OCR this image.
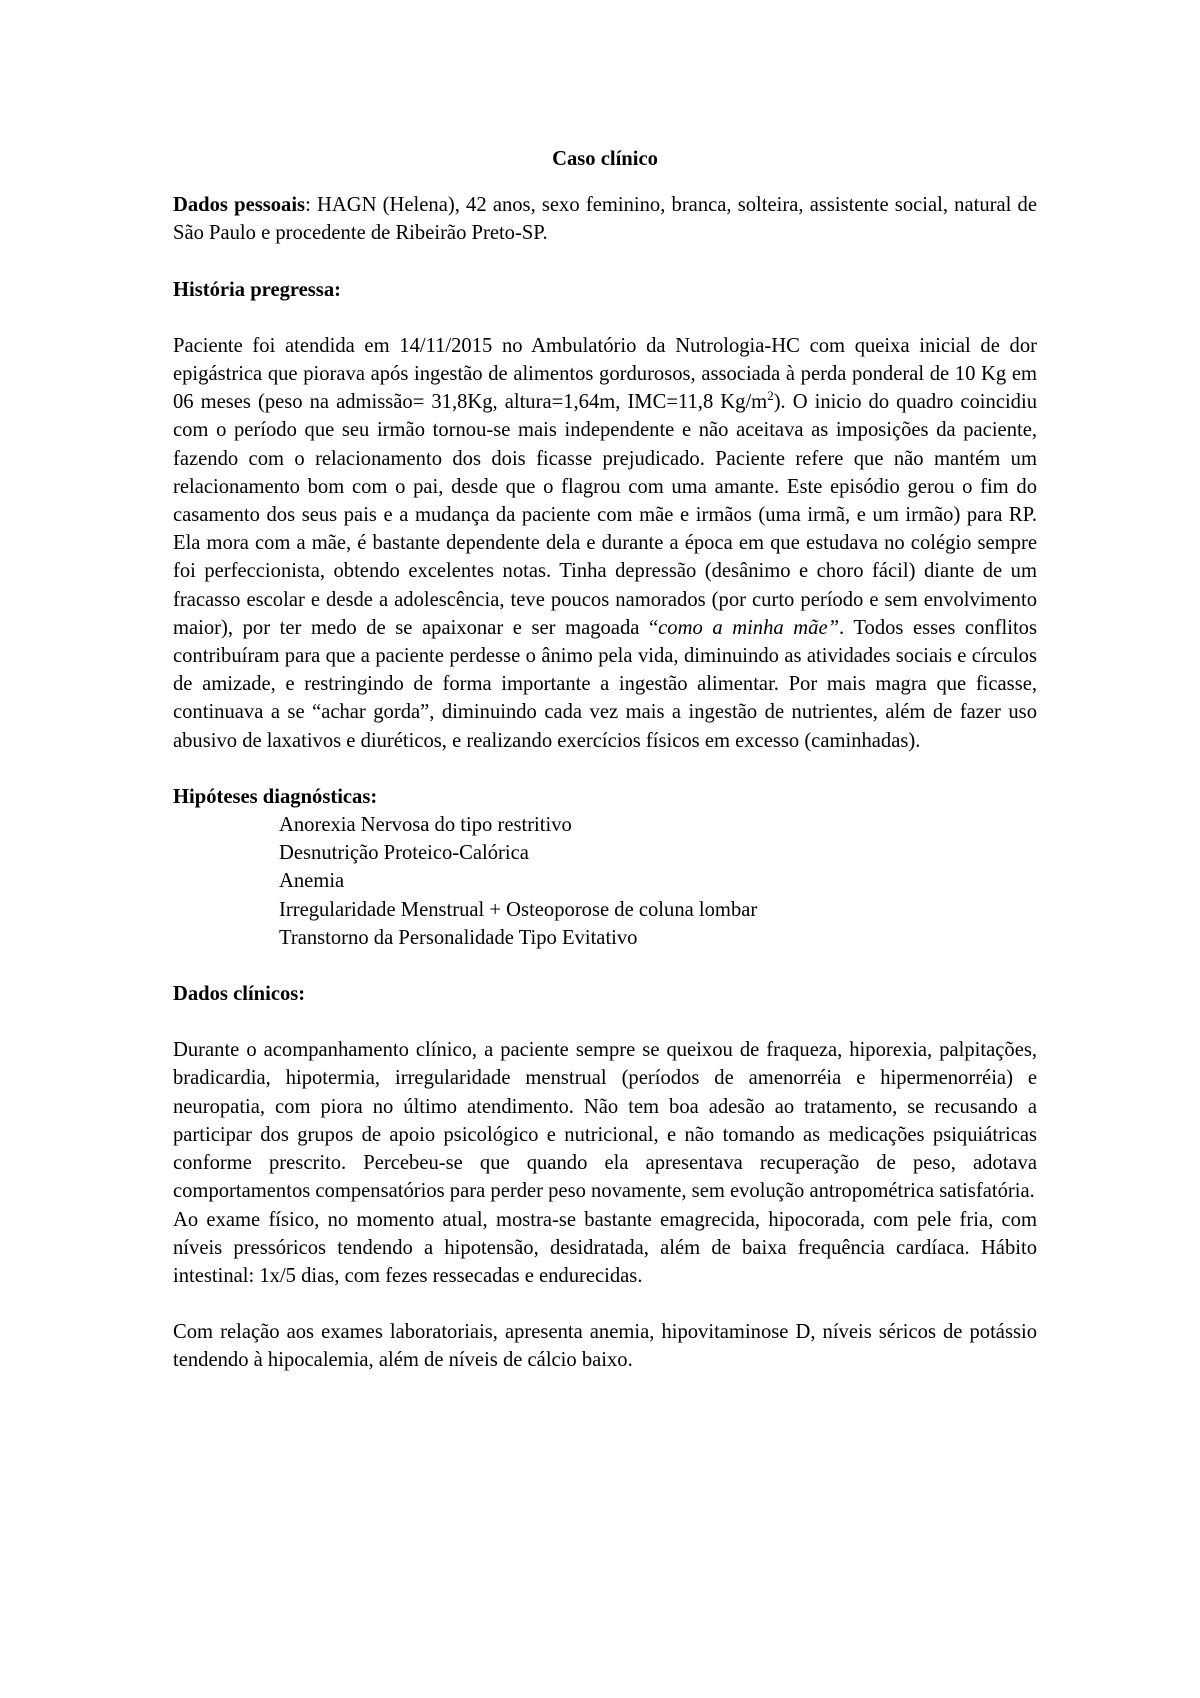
Caso clínico

Dados pessoais: HAGN (Helena), 42 anos, sexo feminino, branca, solteira, assistente social, natural de São Paulo e procedente de Ribeirão Preto-SP.

História pregressa:

Paciente foi atendida em 14/11/2015 no Ambulatório da Nutrologia-HC com queixa inicial de dor epigástrica que piorava após ingestão de alimentos gordurosos, associada à perda ponderal de 10 Kg em 06 meses (peso na admissão= 31,8Kg, altura=1,64m, IMC=11,8 $Kg/m^2$). O inicio do quadro coincidiu com o período que seu irmão tornou-se mais independente e não aceitava as imposições da paciente, fazendo com o relacionamento dos dois ficasse prejudicado. Paciente refere que não mantém um relacionamento bom com o pai, desde que o flagrou com uma amante. Este episódio gerou o fim do casamento dos seus pais e a mudança da paciente com mãe e irmãos (uma irmã, e um irmão) para RP. Ela mora com a mãe, é bastante dependente dela e durante a época em que estudava no colégio sempre foi perfeccionista, obtendo excelentes notas. Tinha depressão (desânimo e choro fácil) diante de um fracasso escolar e desde a adolescência, teve poucos namorados (por curto período e sem envolvimento maior), por ter medo de se apaixonar e ser magoada “como a minha mãe”. Todos esses conflitos contribuíram para que a paciente perdesse o ânimo pela vida, diminuindo as atividades sociais e círculos de amizade, e restringindo de forma importante a ingestão alimentar. Por mais magra que ficasse, continuava a se “achar gorda”, diminuindo cada vez mais a ingestão de nutrientes, além de fazer uso abusivo de laxativos e diuréticos, e realizando exercícios físicos em excesso (caminhadas).

Hipóteses diagnósticas:
Anorexia Nervosa do tipo restritivo
Desnutrição Proteico-Calórica
Anemia
Irregularidade Menstrual + Osteoporose de coluna lombar
Transtorno da Personalidade Tipo Evitativo
Dados clínicos:

Durante o acompanhamento clínico, a paciente sempre se queixou de fraqueza, hiporexia, palpitações, bradicardia, hipotermia, irregularidade menstrual (períodos de amenorréia e hipermenorréia) e neuropatia, com piora no último atendimento. Não tem boa adesão ao tratamento, se recusando a participar dos grupos de apoio psicológico e nutricional, e não tomando as medicações psiquiátricas conforme prescrito. Percebeu-se que quando ela apresentava recuperação de peso, adotava comportamentos compensatórios para perder peso novamente, sem evolução antropométrica satisfatória.

Ao exame físico, no momento atual, mostra-se bastante emagrecida, hipocorada, com pele fria, com níveis pressóricos tendendo a hipotensão, desidratada, além de baixa frequência cardíaca. Hábito intestinal: 1x/5 dias, com fezes ressecadas e endurecidas.

Com relação aos exames laboratoriais, apresenta anemia, hipovitaminose D, níveis séricos de potássio tendendo à hipocalemia, além de níveis de cálcio baixo.
